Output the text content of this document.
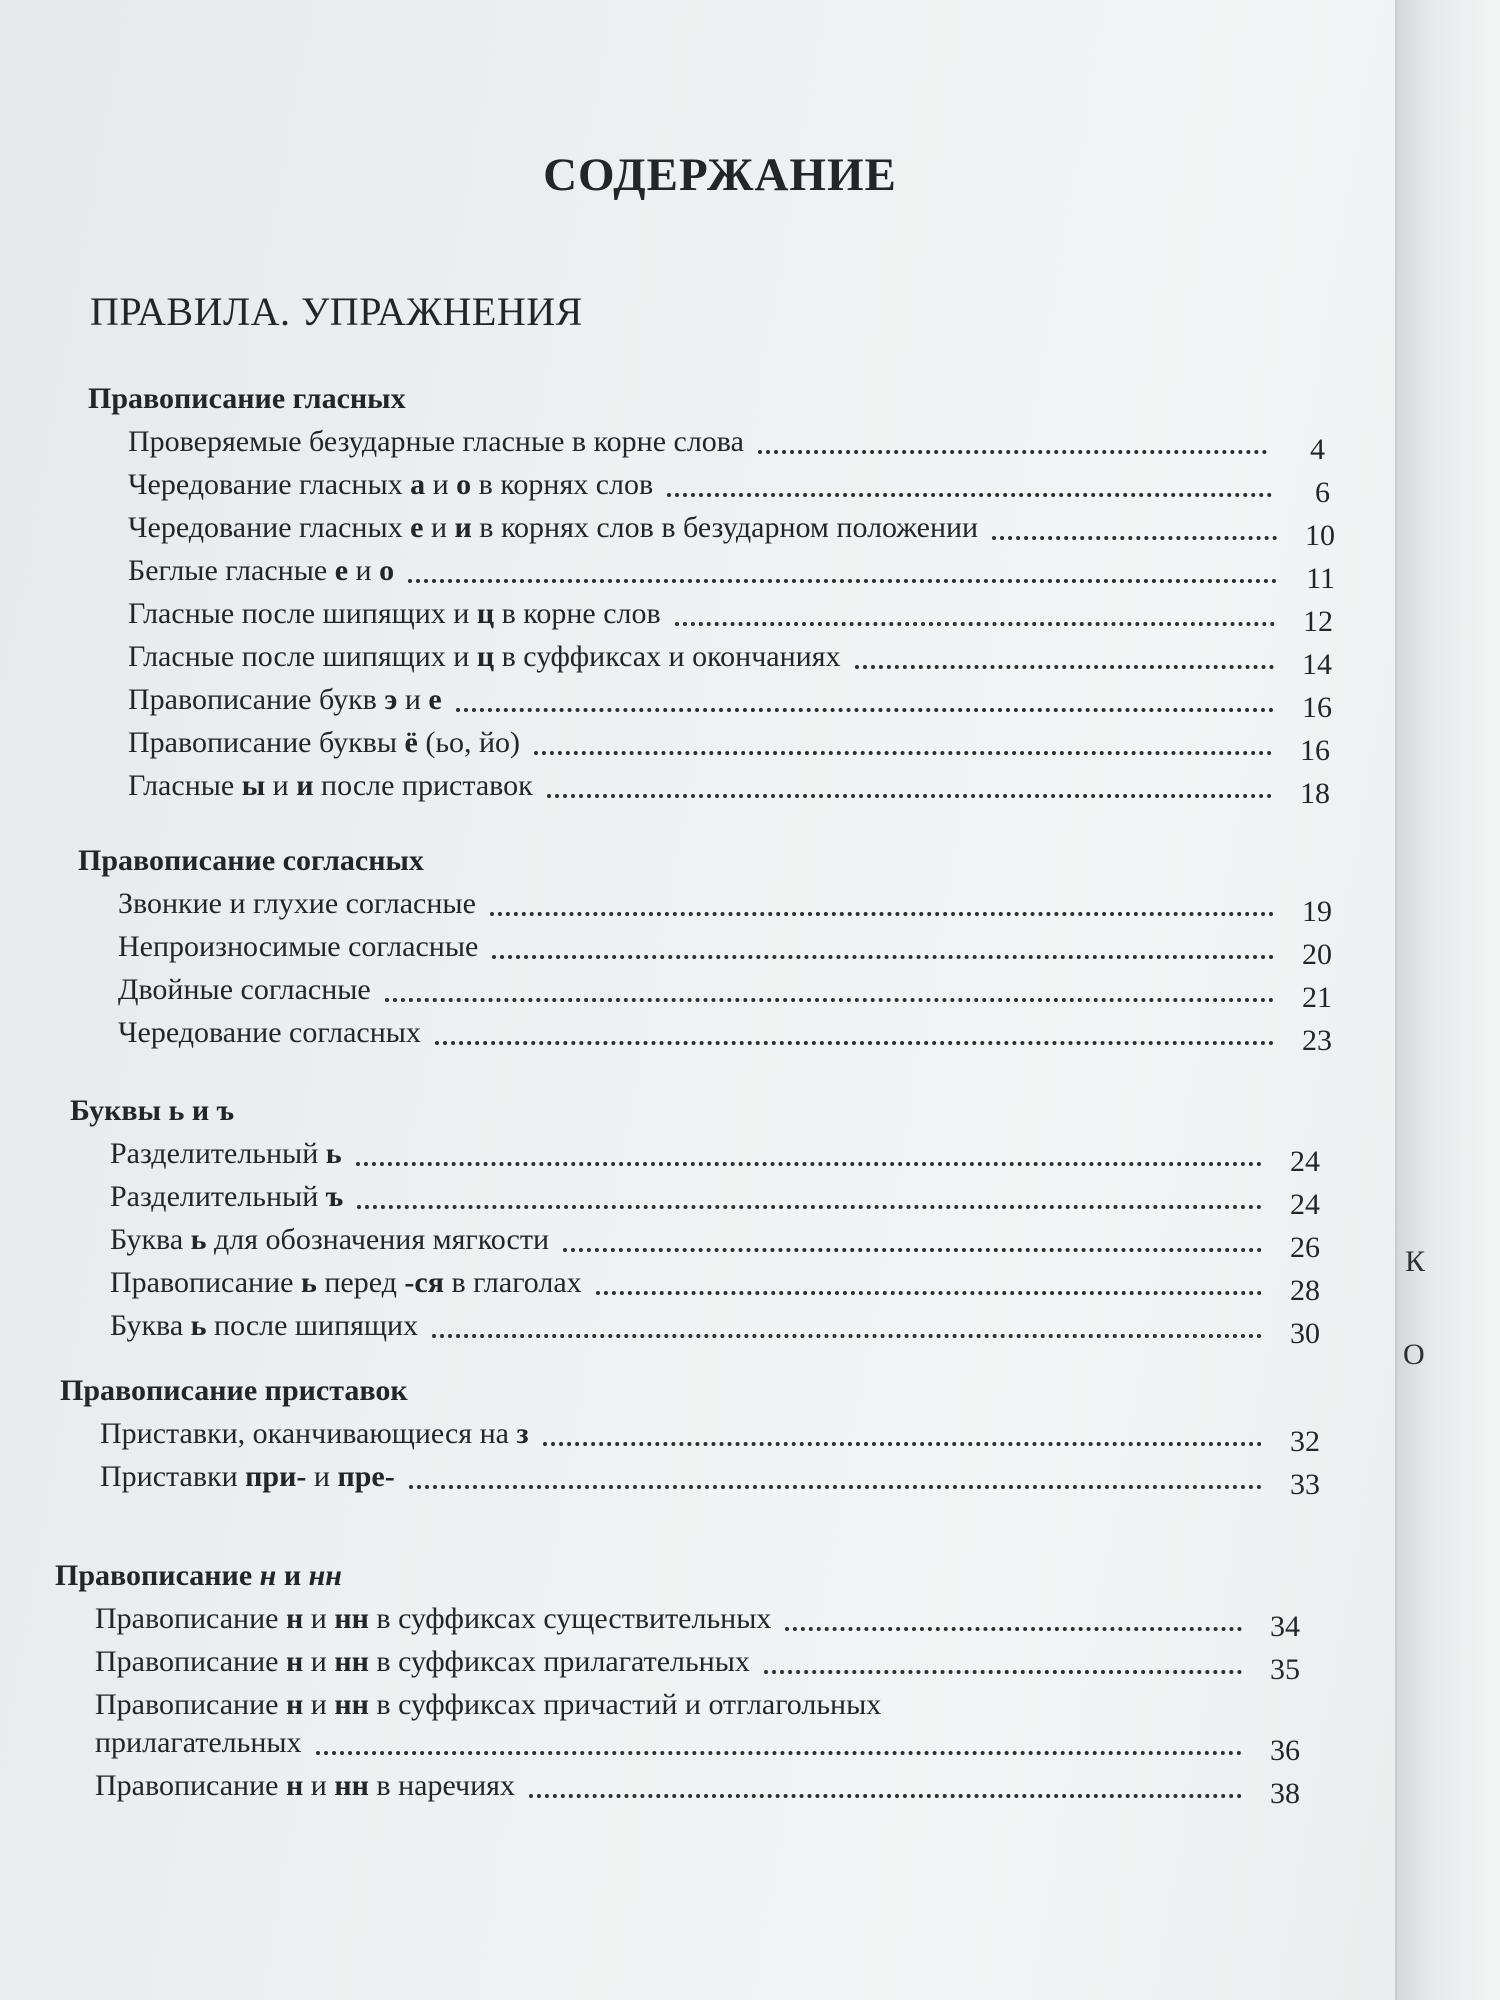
К
О
СОДЕРЖАНИЕ
ПРАВИЛА. УПРАЖНЕНИЯ
Правописание гласных
Проверяемые безударные гласные в корне слова	4
Чередование гласных а и о в корнях слов	6
Чередование гласных е и и в корнях слов в безударном положении	10
Беглые гласные е и о	11
Гласные после шипящих и ц в корне слов	12
Гласные после шипящих и ц в суффиксах и окончаниях	14
Правописание букв э и е	16
Правописание буквы ё (ьо, йо)	16
Гласные ы и и после приставок	18
Правописание согласных
Звонкие и глухие согласные	19
Непроизносимые согласные	20
Двойные согласные	21
Чередование согласных	23
Буквы ь и ъ
Разделительный ь	24
Разделительный ъ	24
Буква ь для обозначения мягкости	26
Правописание ь перед -ся в глаголах	28
Буква ь после шипящих	30
Правописание приставок
Приставки, оканчивающиеся на з	32
Приставки при- и пре-	33
Правописание н и нн
Правописание н и нн в суффиксах существительных	34
Правописание н и нн в суффиксах прилагательных	35
Правописание н и нн в суффиксах причастий и отглагольных
прилагательных	36
Правописание н и нн в наречиях	38
